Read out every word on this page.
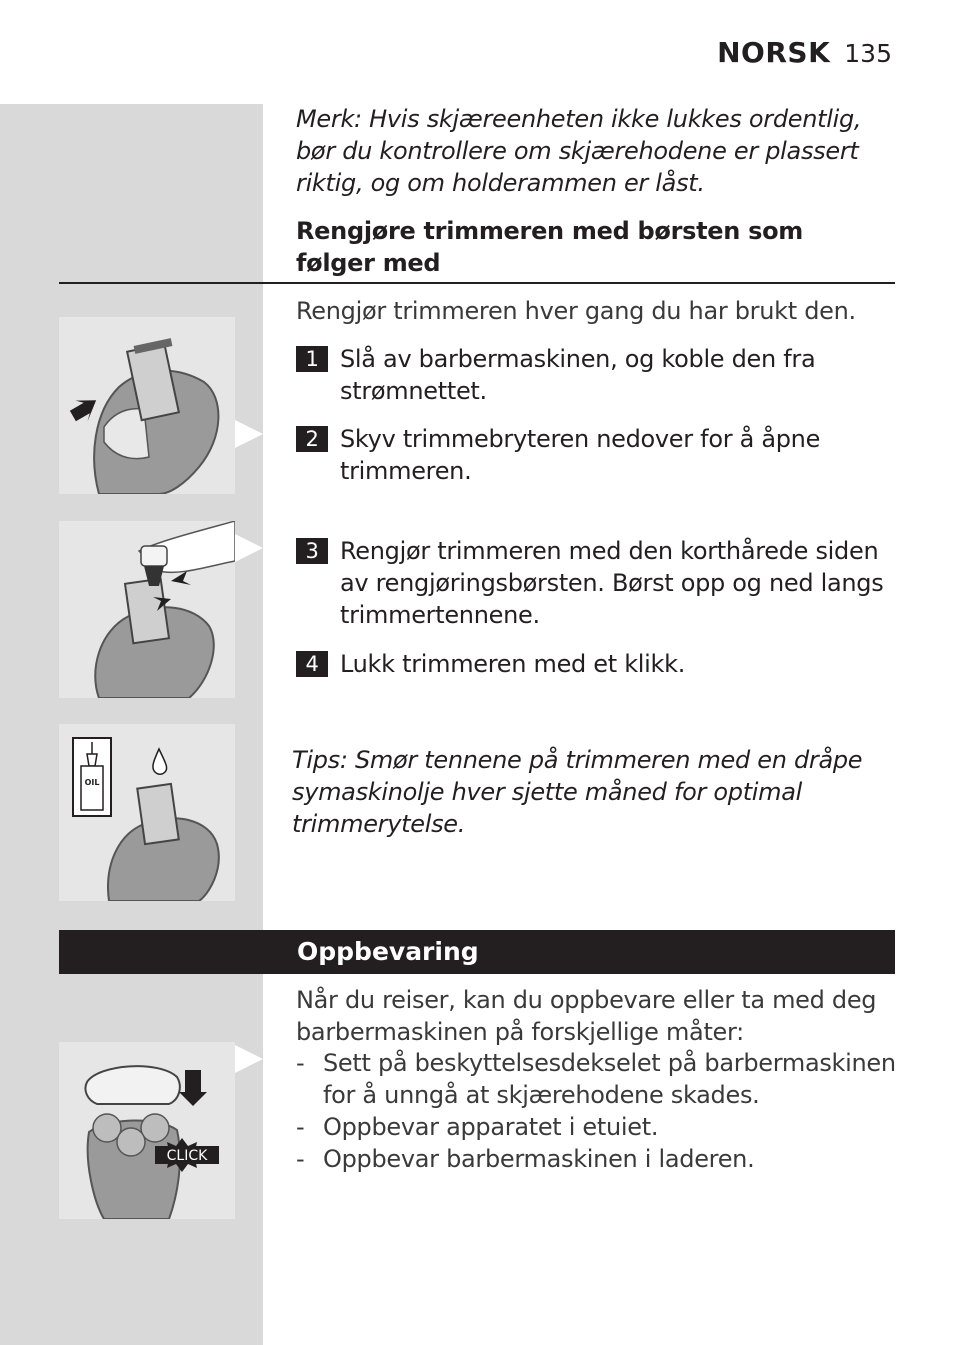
NORSK 135
Merk: Hvis skjæreenheten ikke lukkes ordentlig, bør du kontrollere om skjærehodene er plassert riktig, og om holderammen er låst.
Rengjøre trimmeren med børsten som
følger med
Rengjør trimmeren hver gang du har brukt den.
1 Slå av barbermaskinen, og koble den fra strømnettet.
2 Skyv trimmebryteren nedover for å åpne trimmeren.
3 Rengjør trimmeren med den korthårede siden av rengjøringsbørsten. Børst opp og ned langs trimmertennene.
4 Lukk trimmeren med et klikk.
Tips: Smør tennene på trimmeren med en dråpe symaskinolje hver sjette måned for optimal trimmerytelse.
OIL
Oppbevaring
Når du reiser, kan du oppbevare eller ta med deg barbermaskinen på forskjellige måter:
- Sett på beskyttelsesdekselet på barbermaskinen for å unngå at skjærehodene skades.
- Oppbevar apparatet i etuiet.
- Oppbevar barbermaskinen i laderen.
CLICK
